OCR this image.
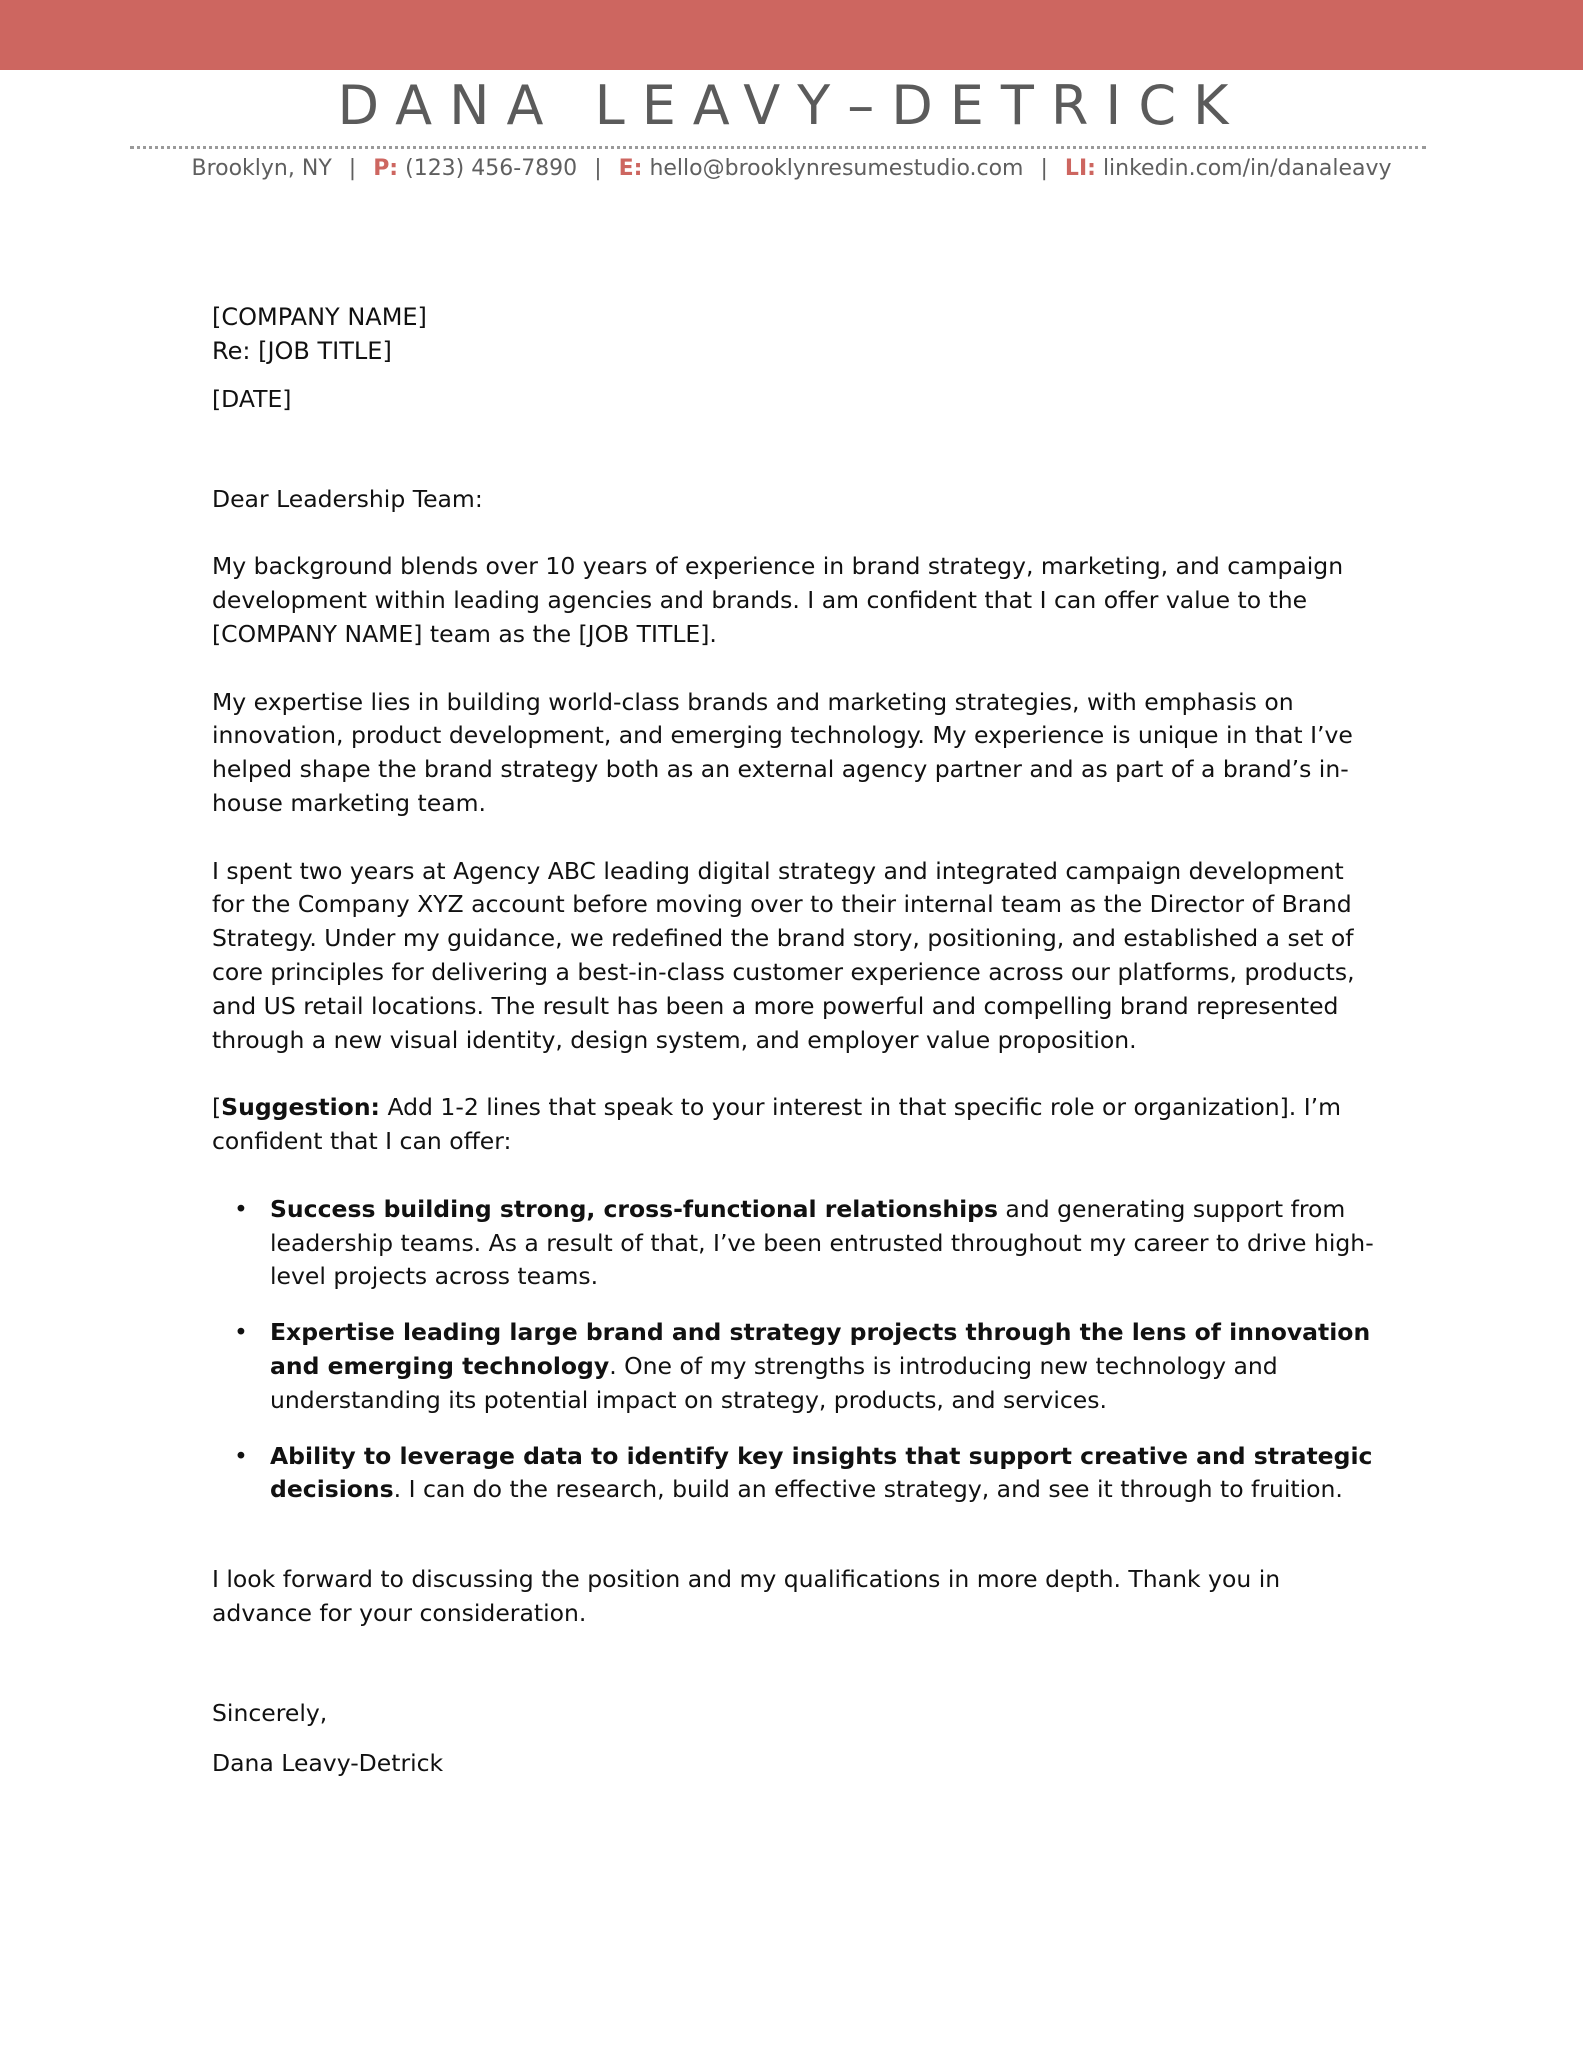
DANA LEAVY–DETRICK
Brooklyn, NY | P: (123) 456-7890 | E: hello@brooklynresumestudio.com | LI: linkedin.com/in/danaleavy
[COMPANY NAME]
Re: [JOB TITLE]
[DATE]
Dear Leadership Team:

My background blends over 10 years of experience in brand strategy, marketing, and campaign development within leading agencies and brands. I am confident that I can offer value to the [COMPANY NAME] team as the [JOB TITLE].

My expertise lies in building world-class brands and marketing strategies, with emphasis on innovation, product development, and emerging technology. My experience is unique in that I’ve helped shape the brand strategy both as an external agency partner and as part of a brand’s in-house marketing team.

I spent two years at Agency ABC leading digital strategy and integrated campaign development for the Company XYZ account before moving over to their internal team as the Director of Brand Strategy. Under my guidance, we redefined the brand story, positioning, and established a set of core principles for delivering a best-in-class customer experience across our platforms, products, and US retail locations. The result has been a more powerful and compelling brand represented through a new visual identity, design system, and employer value proposition.

[Suggestion: Add 1-2 lines that speak to your interest in that specific role or organization]. I’m confident that I can offer:

• Success building strong, cross-functional relationships and generating support from leadership teams. As a result of that, I’ve been entrusted throughout my career to drive high-level projects across teams.
• Expertise leading large brand and strategy projects through the lens of innovation and emerging technology. One of my strengths is introducing new technology and understanding its potential impact on strategy, products, and services.
• Ability to leverage data to identify key insights that support creative and strategic decisions. I can do the research, build an effective strategy, and see it through to fruition.

I look forward to discussing the position and my qualifications in more depth. Thank you in advance for your consideration.

Sincerely,
Dana Leavy-Detrick
